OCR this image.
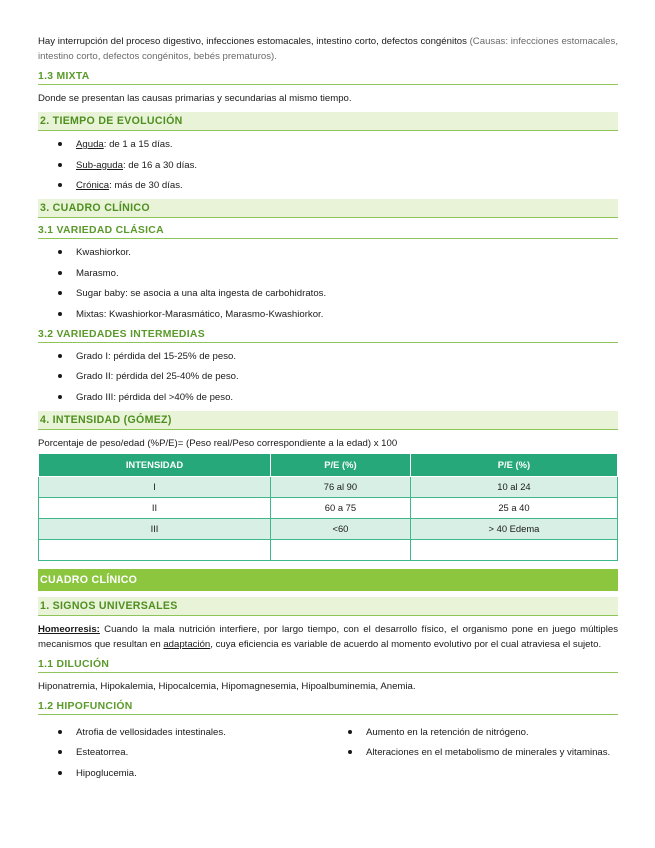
Hay interrupción del proceso digestivo, infecciones estomacales, intestino corto, defectos congénitos (Causas: infecciones estomacales, intestino corto, defectos congénitos, bebés prematuros).

1.3 MIXTA

Donde se presentan las causas primarias y secundarias al mismo tiempo.

2. TIEMPO DE EVOLUCIÓN
Aguda: de 1 a 15 días.
Sub-aguda: de 16 a 30 días.
Crónica: más de 30 días.
3. CUADRO CLÍNICO
3.1 VARIEDAD CLÁSICA
Kwashiorkor.
Marasmo.
Sugar baby: se asocia a una alta ingesta de carbohidratos.
Mixtas: Kwashiorkor-Marasmático, Marasmo-Kwashiorkor.
3.2 VARIEDADES INTERMEDIAS
Grado I: pérdida del 15-25% de peso.
Grado II: pérdida del 25-40% de peso.
Grado III: pérdida del >40% de peso.
4. INTENSIDAD (GÓMEZ)

Porcentaje de peso/edad (%P/E)= (Peso real/Peso correspondiente a la edad) x 100

INTENSIDAD	P/E (%)	P/E (%)
I	76 al 90	10 al 24
II	60 a 75	25 a 40
III	<60	> 40 Edema

CUADRO CLÍNICO
1. SIGNOS UNIVERSALES

Homeorresis: Cuando la mala nutrición interfiere, por largo tiempo, con el desarrollo físico, el organismo pone en juego múltiples mecanismos que resultan en adaptación, cuya eficiencia es variable de acuerdo al momento evolutivo por el cual atraviesa el sujeto.

1.1 DILUCIÓN

Hiponatremia, Hipokalemia, Hipocalcemia, Hipomagnesemia, Hipoalbuminemia, Anemia.

1.2 HIPOFUNCIÓN
Atrofia de vellosidades intestinales.
Esteatorrea.
Hipoglucemia.
Aumento en la retención de nitrógeno.
Alteraciones en el metabolismo de minerales y vitaminas.
